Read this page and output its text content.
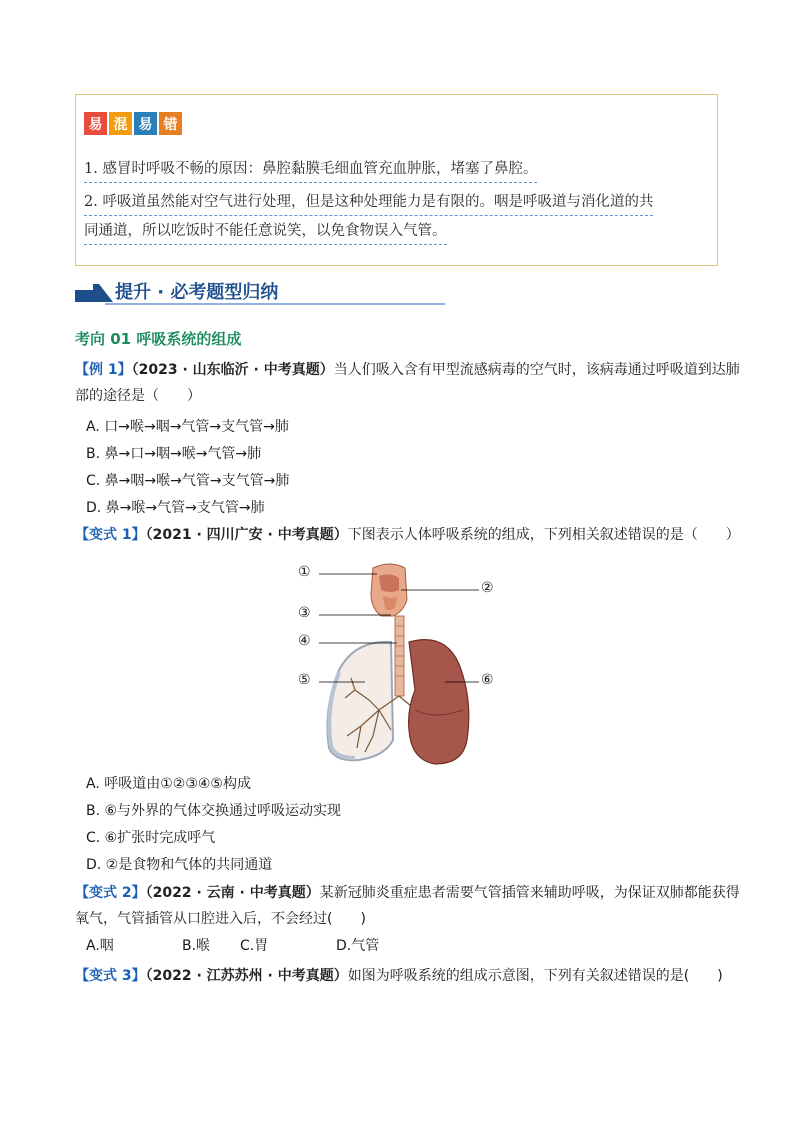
易 混 易 错
1. 感冒时呼吸不畅的原因：鼻腔黏膜毛细血管充血肿胀，堵塞了鼻腔。
2. 呼吸道虽然能对空气进行处理，但是这种处理能力是有限的。咽是呼吸道与消化道的共
同通道，所以吃饭时不能任意说笑，以免食物误入气管。
提升 · 必考题型归纳
考向 01 呼吸系统的组成
【例 1】（2023 · 山东临沂 · 中考真题）当人们吸入含有甲型流感病毒的空气时，该病毒通过呼吸道到达肺
部的途径是（　　）
A. 口→喉→咽→气管→支气管→肺
B. 鼻→口→咽→喉→气管→肺
C. 鼻→咽→喉→气管→支气管→肺
D. 鼻→喉→气管→支气管→肺
【变式 1】（2021 · 四川广安 · 中考真题）下图表示人体呼吸系统的组成，下列相关叙述错误的是（　　）
①
②
③
④
⑤	⑥
A. 呼吸道由①②③④⑤构成
B. ⑥与外界的气体交换通过呼吸运动实现
C. ⑥扩张时完成呼气
D. ②是食物和气体的共同通道
【变式 2】（2022 · 云南 · 中考真题）某新冠肺炎重症患者需要气管插管来辅助呼吸，为保证双肺都能获得
氧气，气管插管从口腔进入后，不会经过(　　)
A.咽	B.喉 C.胃	D.气管
【变式 3】（2022 · 江苏苏州 · 中考真题）如图为呼吸系统的组成示意图，下列有关叙述错误的是(　　)
